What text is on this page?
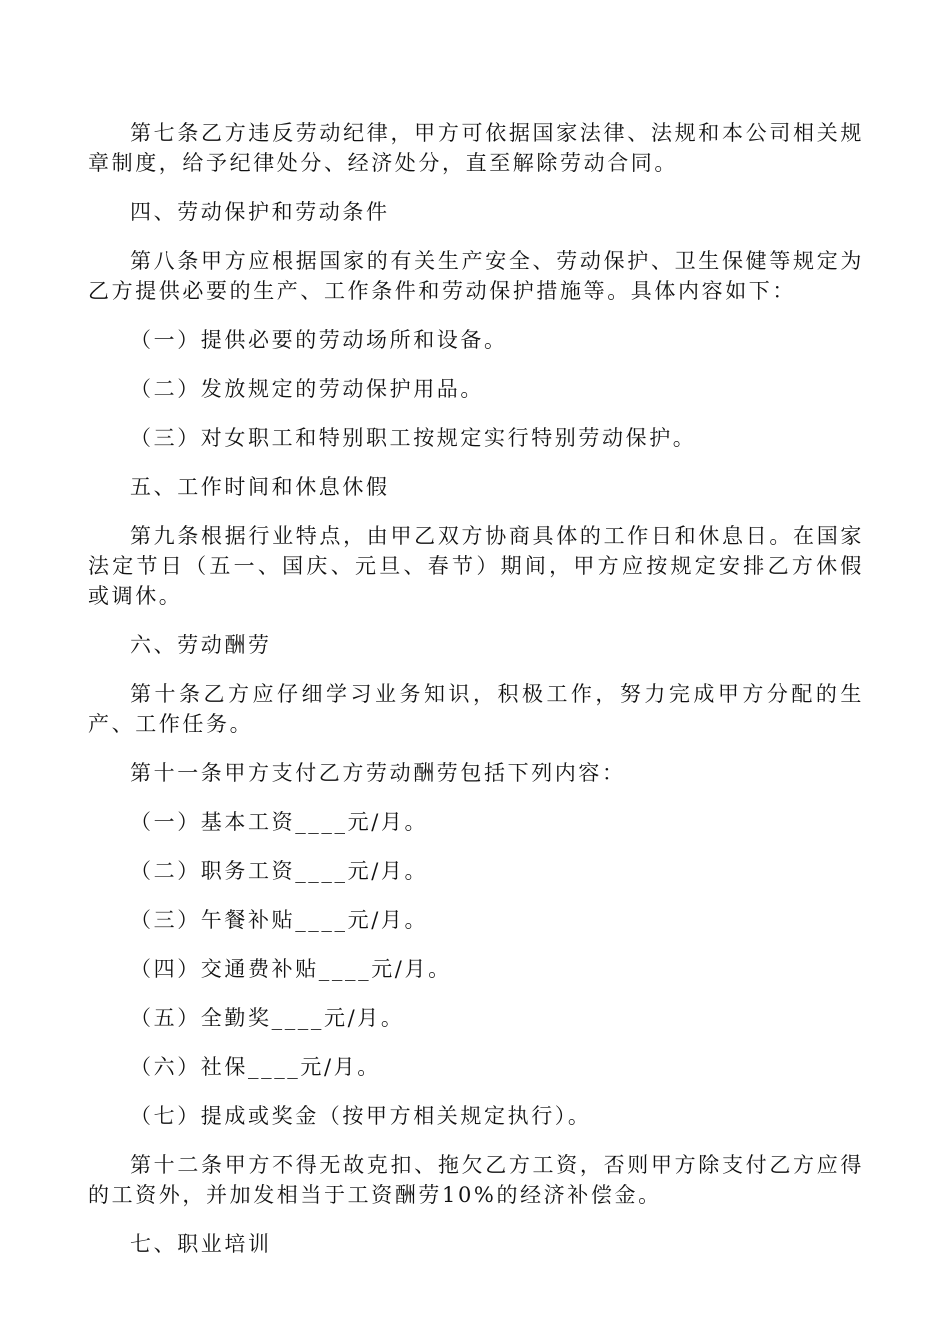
第七条乙方违反劳动纪律，甲方可依据国家法律、法规和本公司相关规章制度，给予纪律处分、经济处分，直至解除劳动合同。

四、劳动保护和劳动条件

第八条甲方应根据国家的有关生产安全、劳动保护、卫生保健等规定为乙方提供必要的生产、工作条件和劳动保护措施等。具体内容如下：

（一）提供必要的劳动场所和设备。

（二）发放规定的劳动保护用品。

（三）对女职工和特别职工按规定实行特别劳动保护。

五、工作时间和休息休假

第九条根据行业特点，由甲乙双方协商具体的工作日和休息日。在国家法定节日（五一、国庆、元旦、春节）期间，甲方应按规定安排乙方休假或调休。

六、劳动酬劳

第十条乙方应仔细学习业务知识，积极工作，努力完成甲方分配的生产、工作任务。

第十一条甲方支付乙方劳动酬劳包括下列内容：

（一）基本工资____元/月。

（二）职务工资____元/月。

（三）午餐补贴____元/月。

（四）交通费补贴____元/月。

（五）全勤奖____元/月。

（六）社保____元/月。

（七）提成或奖金（按甲方相关规定执行）。

第十二条甲方不得无故克扣、拖欠乙方工资，否则甲方除支付乙方应得的工资外，并加发相当于工资酬劳10%的经济补偿金。

七、职业培训
